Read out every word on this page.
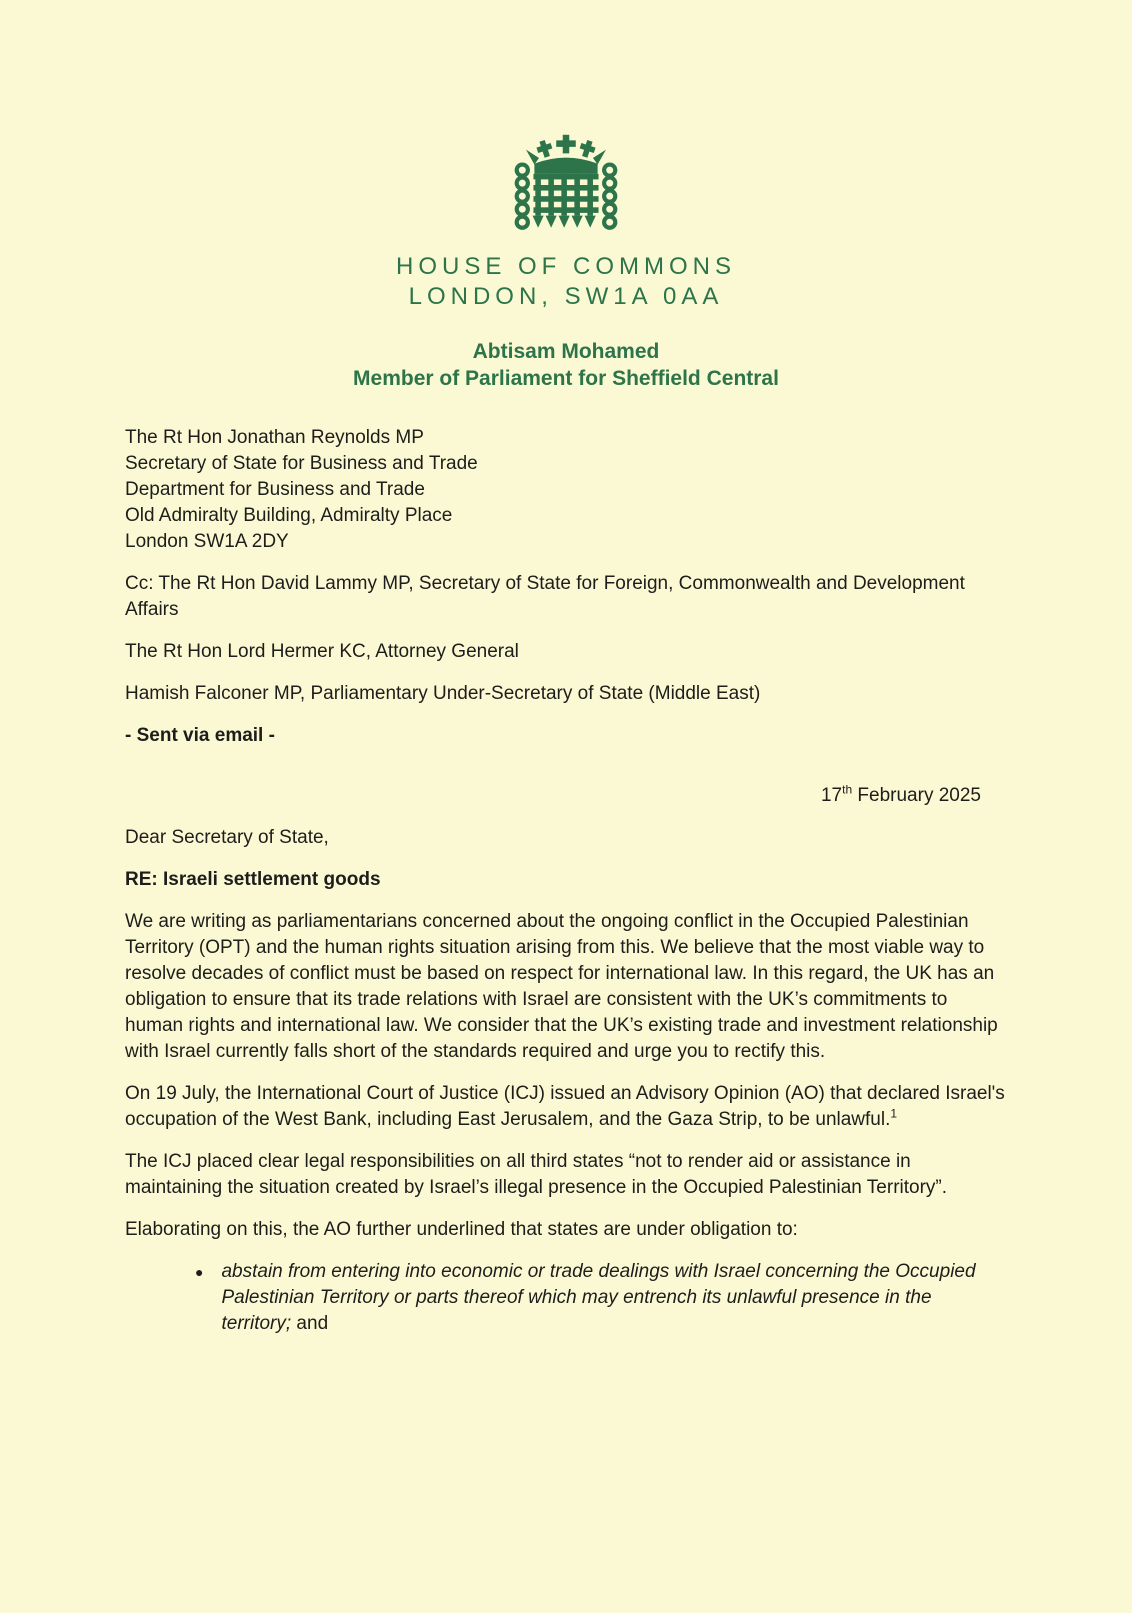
HOUSE OF COMMONS
LONDON, SW1A 0AA
Abtisam Mohamed
Member of Parliament for Sheffield Central
The Rt Hon Jonathan Reynolds MP
Secretary of State for Business and Trade
Department for Business and Trade
Old Admiralty Building, Admiralty Place
London SW1A 2DY

Cc: The Rt Hon David Lammy MP, Secretary of State for Foreign, Commonwealth and Development Affairs

The Rt Hon Lord Hermer KC, Attorney General

Hamish Falconer MP, Parliamentary Under-Secretary of State (Middle East)

- Sent via email -

17th February 2025

Dear Secretary of State,

RE: Israeli settlement goods

We are writing as parliamentarians concerned about the ongoing conflict in the Occupied Palestinian Territory (OPT) and the human rights situation arising from this. We believe that the most viable way to resolve decades of conflict must be based on respect for international law. In this regard, the UK has an obligation to ensure that its trade relations with Israel are consistent with the UK’s commitments to human rights and international law. We consider that the UK’s existing trade and investment relationship with Israel currently falls short of the standards required and urge you to rectify this.

On 19 July, the International Court of Justice (ICJ) issued an Advisory Opinion (AO) that declared Israel's occupation of the West Bank, including East Jerusalem, and the Gaza Strip, to be unlawful.$^1$

The ICJ placed clear legal responsibilities on all third states “not to render aid or assistance in maintaining the situation created by Israel’s illegal presence in the Occupied Palestinian Territory”.

Elaborating on this, the AO further underlined that states are under obligation to:

● abstain from entering into economic or trade dealings with Israel concerning the Occupied Palestinian Territory or parts thereof which may entrench its unlawful presence in the territory; and
